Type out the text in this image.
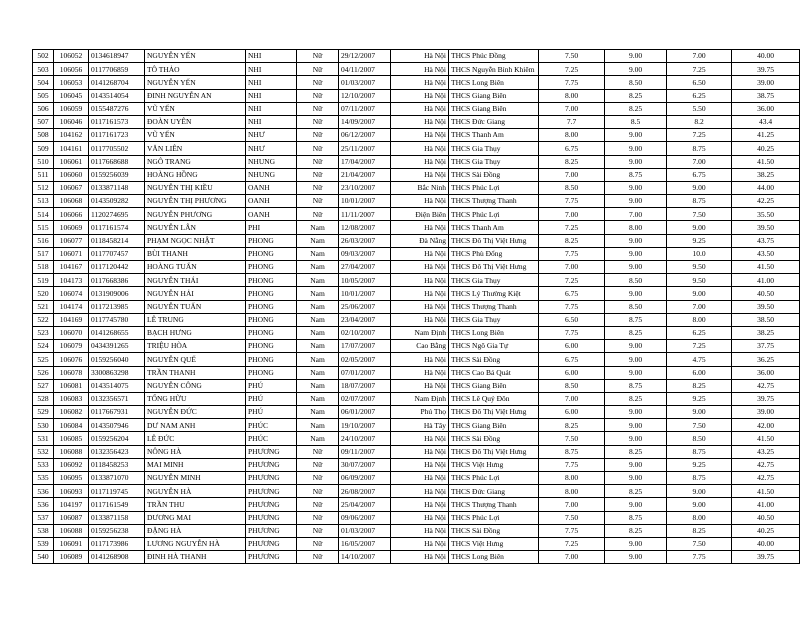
502	106052	0134618947	NGUYỄN YẾN	NHI	Nữ	29/12/2007	Hà Nội	THCS Phúc Đồng	7.50	9.00	7.00	40.00
503	106056	0117706859	TÔ THẢO	NHI	Nữ	04/11/2007	Hà Nội	THCS Nguyễn Bỉnh Khiêm	7.25	9.00	7.25	39.75
504	106053	0141268704	NGUYỄN YẾN	NHI	Nữ	01/03/2007	Hà Nội	THCS Long Biên	7.75	8.50	6.50	39.00
505	106045	0143514054	ĐINH NGUYỄN AN	NHI	Nữ	12/10/2007	Hà Nội	THCS Giang Biên	8.00	8.25	6.25	38.75
506	106059	0155487276	VŨ YẾN	NHI	Nữ	07/11/2007	Hà Nội	THCS Giang Biên	7.00	8.25	5.50	36.00
507	106046	0117161573	ĐOÀN UYÊN	NHI	Nữ	14/09/2007	Hà Nội	THCS Đức Giang	7.7	8.5	8.2	43.4
508	104162	0117161723	VŨ YẾN	NHƯ	Nữ	06/12/2007	Hà Nội	THCS Thanh Am	8.00	9.00	7.25	41.25
509	104161	0117705502	VĂN LIÊN	NHƯ	Nữ	25/11/2007	Hà Nội	THCS Gia Thụy	6.75	9.00	8.75	40.25
510	106061	0117668688	NGÔ TRANG	NHUNG	Nữ	17/04/2007	Hà Nội	THCS Gia Thụy	8.25	9.00	7.00	41.50
511	106060	0159256039	HOÀNG HỒNG	NHUNG	Nữ	21/04/2007	Hà Nội	THCS Sài Đồng	7.00	8.75	6.75	38.25
512	106067	0133871148	NGUYỄN THỊ KIỀU	OANH	Nữ	23/10/2007	Bắc Ninh	THCS Phúc Lợi	8.50	9.00	9.00	44.00
513	106068	0143509282	NGUYỄN THỊ PHƯƠNG	OANH	Nữ	10/01/2007	Hà Nội	THCS Thượng Thanh	7.75	9.00	8.75	42.25
514	106066	1120274695	NGUYỄN PHƯƠNG	OANH	Nữ	11/11/2007	Điện Biên	THCS Phúc Lợi	7.00	7.00	7.50	35.50
515	106069	0117161574	NGUYỄN LÂN	PHI	Nam	12/08/2007	Hà Nội	THCS Thanh Am	7.25	8.00	9.00	39.50
516	106077	0118458214	PHẠM NGỌC NHẬT	PHONG	Nam	26/03/2007	Đà Nẵng	THCS Đô Thị Việt Hưng	8.25	9.00	9.25	43.75
517	106071	0117707457	BÙI THANH	PHONG	Nam	09/03/2007	Hà Nội	THCS Phù Đổng	7.75	9.00	10.0	43.50
518	104167	0117120442	HOÀNG TUẤN	PHONG	Nam	27/04/2007	Hà Nội	THCS Đô Thị Việt Hưng	7.00	9.00	9.50	41.50
519	104173	0117668386	NGUYỄN THÁI	PHONG	Nam	10/05/2007	Hà Nội	THCS Gia Thụy	7.25	8.50	9.50	41.00
520	106074	0131909006	NGUYỄN HẢI	PHONG	Nam	10/01/2007	Hà Nội	THCS Lý Thường Kiệt	6.75	9.00	9.00	40.50
521	104174	0117213985	NGUYỄN TUẤN	PHONG	Nam	25/06/2007	Hà Nội	THCS Thượng Thanh	7.75	8.50	7.00	39.50
522	104169	0117745780	LÊ TRUNG	PHONG	Nam	23/04/2007	Hà Nội	THCS Gia Thụy	6.50	8.75	8.00	38.50
523	106070	0141268655	BẠCH HƯNG	PHONG	Nam	02/10/2007	Nam Định	THCS Long Biên	7.75	8.25	6.25	38.25
524	106079	0434391265	TRIỆU HÒA	PHONG	Nam	17/07/2007	Cao Bằng	THCS Ngô Gia Tự	6.00	9.00	7.25	37.75
525	106076	0159256040	NGUYỄN QUẾ	PHONG	Nam	02/05/2007	Hà Nội	THCS Sài Đồng	6.75	9.00	4.75	36.25
526	106078	3300863298	TRẦN THANH	PHONG	Nam	07/01/2007	Hà Nội	THCS Cao Bá Quát	6.00	9.00	6.00	36.00
527	106081	0143514075	NGUYỄN CÔNG	PHÚ	Nam	18/07/2007	Hà Nội	THCS Giang Biên	8.50	8.75	8.25	42.75
528	106083	0132356571	TỐNG HỮU	PHÚ	Nam	02/07/2007	Nam Định	THCS Lê Quý Đôn	7.00	8.25	9.25	39.75
529	106082	0117667931	NGUYỄN ĐỨC	PHÚ	Nam	06/01/2007	Phú Thọ	THCS Đô Thị Việt Hưng	6.00	9.00	9.00	39.00
530	106084	0143507946	DƯ NAM ANH	PHÚC	Nam	19/10/2007	Hà Tây	THCS Giang Biên	8.25	9.00	7.50	42.00
531	106085	0159256204	LÊ ĐỨC	PHÚC	Nam	24/10/2007	Hà Nội	THCS Sài Đồng	7.50	9.00	8.50	41.50
532	106088	0132356423	NÔNG HÀ	PHƯƠNG	Nữ	09/11/2007	Hà Nội	THCS Đô Thị Việt Hưng	8.75	8.25	8.75	43.25
533	106092	0118458253	MAI MINH	PHƯƠNG	Nữ	30/07/2007	Hà Nội	THCS Việt Hưng	7.75	9.00	9.25	42.75
535	106095	0133871070	NGUYỄN MINH	PHƯƠNG	Nữ	06/09/2007	Hà Nội	THCS Phúc Lợi	8.00	9.00	8.75	42.75
536	106093	0117119745	NGUYỄN HÀ	PHƯƠNG	Nữ	26/08/2007	Hà Nội	THCS Đức Giang	8.00	8.25	9.00	41.50
536	104197	0117161549	TRẦN THU	PHƯƠNG	Nữ	25/04/2007	Hà Nội	THCS Thượng Thanh	7.00	9.00	9.00	41.00
537	106087	0133871158	DƯƠNG MAI	PHƯƠNG	Nữ	09/06/2007	Hà Nội	THCS Phúc Lợi	7.50	8.75	8.00	40.50
538	106088	0159256238	ĐẶNG HÀ	PHƯƠNG	Nữ	01/03/2007	Hà Nội	THCS Sài Đồng	7.75	8.25	8.25	40.25
539	106091	0117173986	LƯƠNG NGUYỄN HÀ	PHƯƠNG	Nữ	16/05/2007	Hà Nội	THCS Việt Hưng	7.25	9.00	7.50	40.00
540	106089	0141268908	ĐINH HÀ THANH	PHƯƠNG	Nữ	14/10/2007	Hà Nội	THCS Long Biên	7.00	9.00	7.75	39.75
